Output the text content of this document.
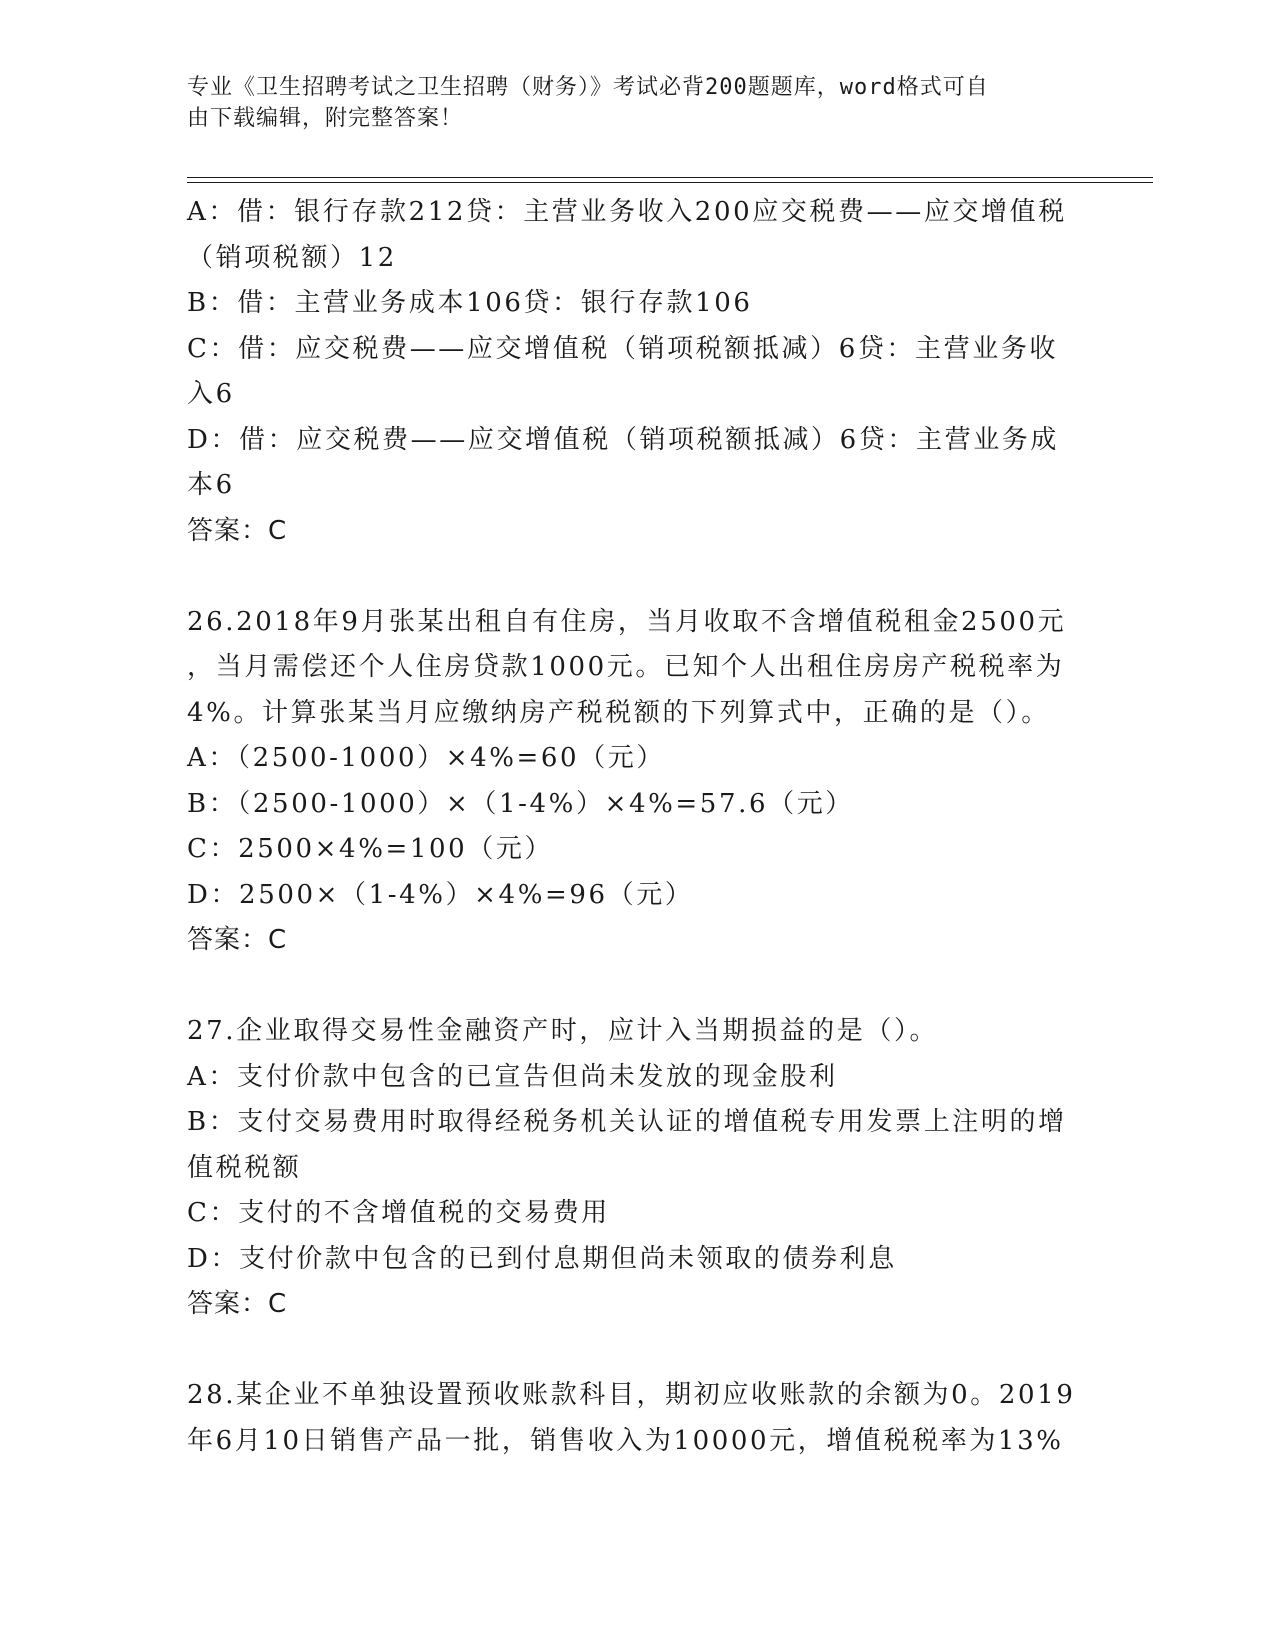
专业《卫生招聘考试之卫生招聘（财务）》考试必背200题题库，word格式可自
由下载编辑，附完整答案！
A：借：银行存款212贷：主营业务收入200应交税费——应交增值税
（销项税额）12
B：借：主营业务成本106贷：银行存款106
C：借：应交税费——应交增值税（销项税额抵减）6贷：主营业务收
入6
D：借：应交税费——应交增值税（销项税额抵减）6贷：主营业务成
本6
答案：C
26.2018年9月张某出租自有住房，当月收取不含增值税租金2500元
，当月需偿还个人住房贷款1000元。已知个人出租住房房产税税率为
4%。计算张某当月应缴纳房产税税额的下列算式中，正确的是（）。
A：（2500-1000）×4%=60（元）
B：（2500-1000）×（1-4%）×4%=57.6（元）
C：2500×4%=100（元）
D：2500×（1-4%）×4%=96（元）
答案：C
27.企业取得交易性金融资产时，应计入当期损益的是（）。
A：支付价款中包含的已宣告但尚未发放的现金股利
B：支付交易费用时取得经税务机关认证的增值税专用发票上注明的增
值税税额
C：支付的不含增值税的交易费用
D：支付价款中包含的已到付息期但尚未领取的债券利息
答案：C
28.某企业不单独设置预收账款科目，期初应收账款的余额为0。2019
年6月10日销售产品一批，销售收入为10000元，增值税税率为13%
